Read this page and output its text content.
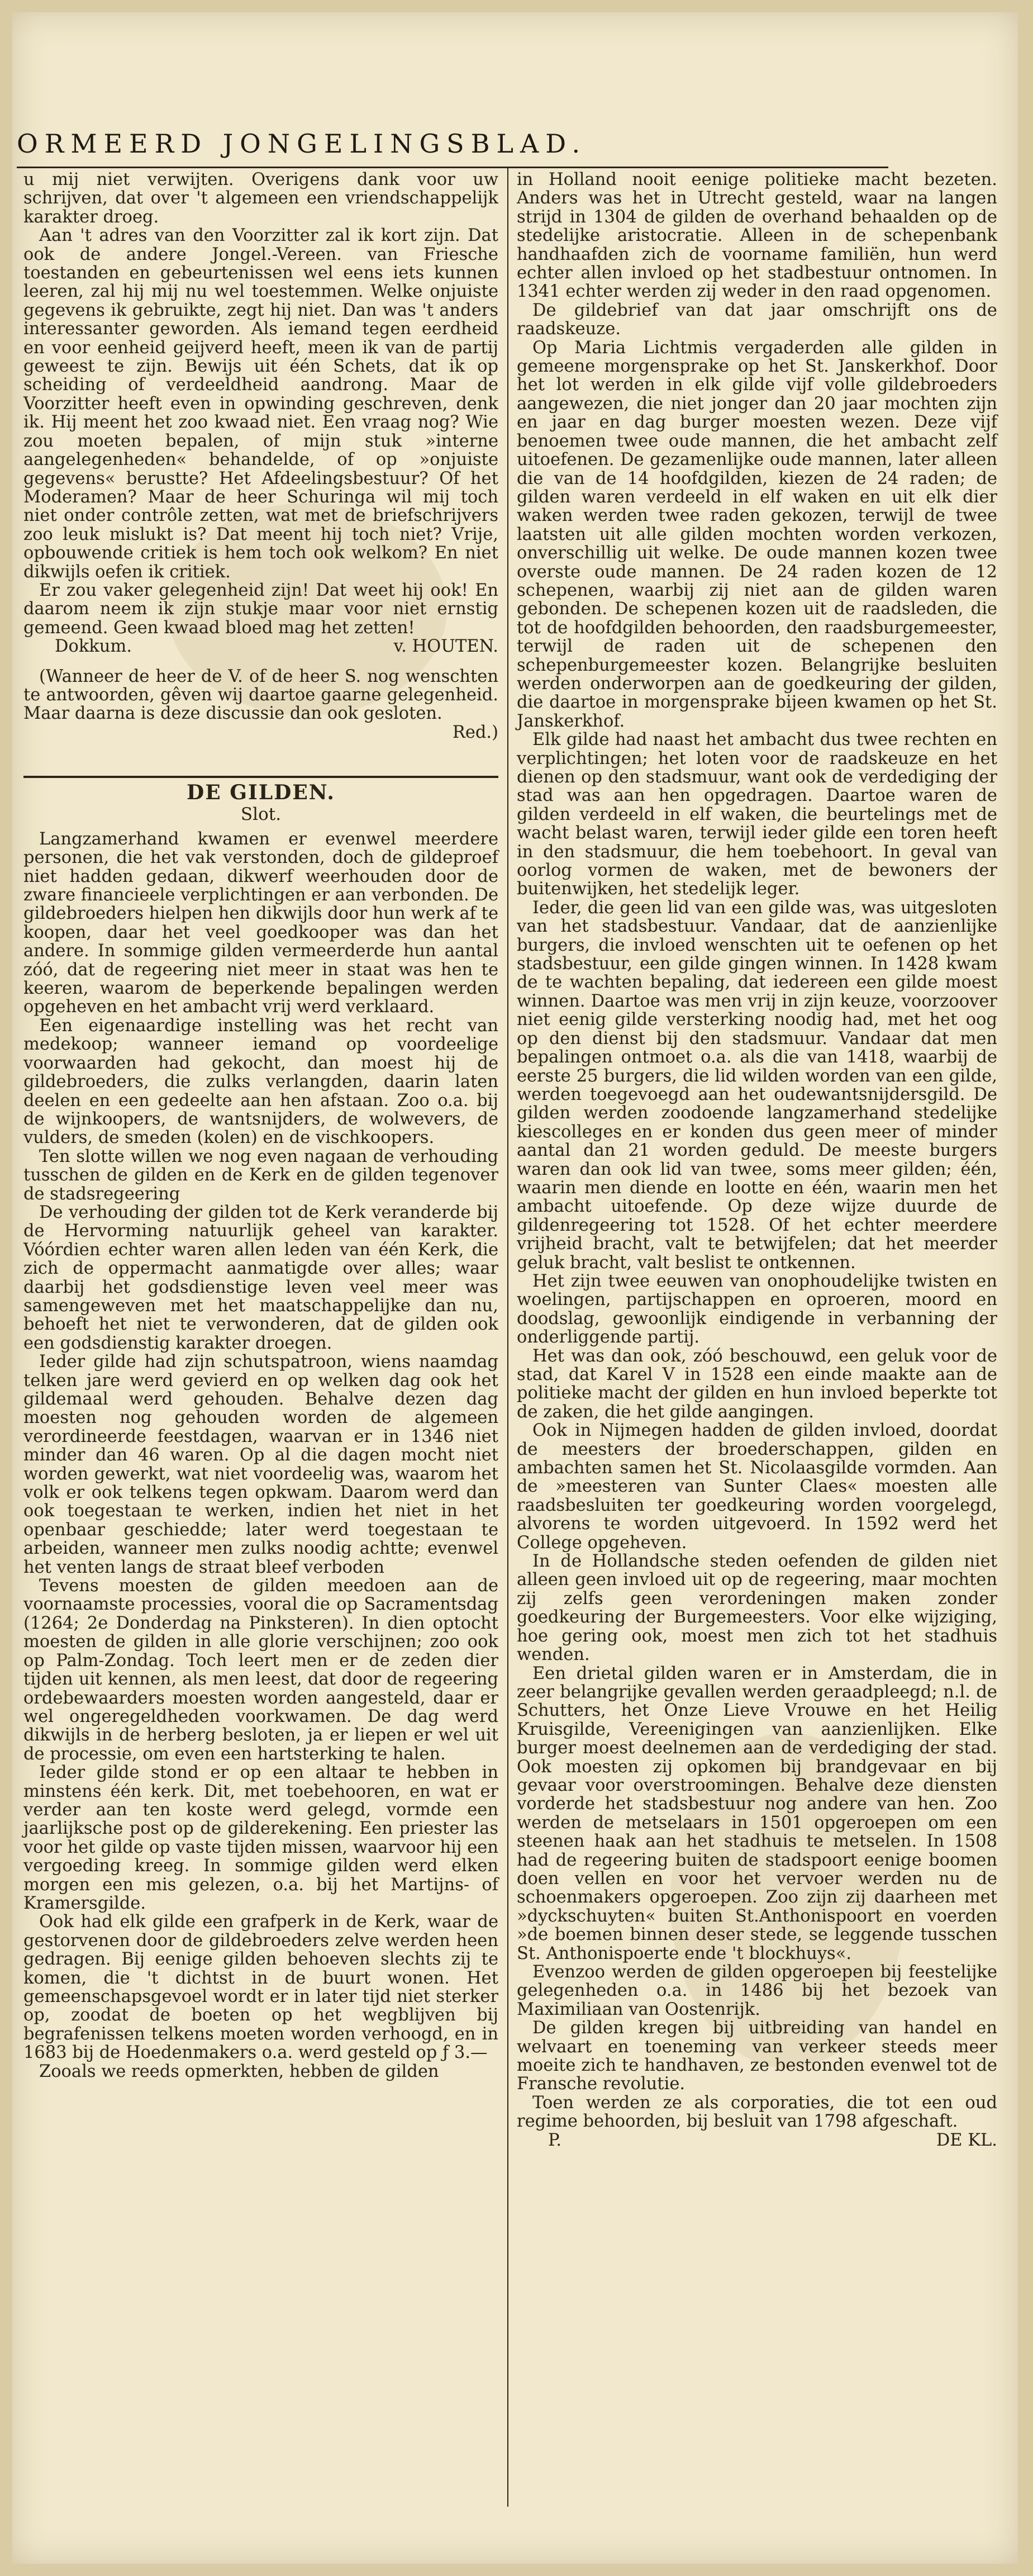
ORMEERD JONGELINGSBLAD.

u mij niet verwijten. Overigens dank voor uw schrijven, dat over 't algemeen een vriendschappelijk karakter droeg.

Aan 't adres van den Voorzitter zal ik kort zijn. Dat ook de andere Jongel.-Vereen. van Friesche toestanden en gebeurtenissen wel eens iets kunnen leeren, zal hij mij nu wel toestemmen. Welke onjuiste gegevens ik gebruikte, zegt hij niet. Dan was 't anders interessanter geworden. Als iemand tegen eerdheid en voor eenheid geijverd heeft, meen ik van de partij geweest te zijn. Bewijs uit één Schets, dat ik op scheiding of verdeeldheid aandrong. Maar de Voorzitter heeft even in opwinding geschreven, denk ik. Hij meent het zoo kwaad niet. Een vraag nog? Wie zou moeten bepalen, of mijn stuk »interne aangelegenheden« behandelde, of op »onjuiste gegevens« berustte? Het Afdeelingsbestuur? Of het Moderamen? Maar de heer Schuringa wil mij toch niet onder contrôle zetten, wat met de briefschrijvers zoo leuk mislukt is? Dat meent hij toch niet? Vrije, opbouwende critiek is hem toch ook welkom? En niet dikwijls oefen ik critiek.

Er zou vaker gelegenheid zijn! Dat weet hij ook! En daarom neem ik zijn stukje maar voor niet ernstig gemeend. Geen kwaad bloed mag het zetten!

Dokkum.	v. HOUTEN.

(Wanneer de heer de V. of de heer S. nog wenschten te antwoorden, gêven wij daartoe gaarne gelegenheid. Maar daarna is deze discussie dan ook gesloten.
Red.)

DE GILDEN.
Slot.

Langzamerhand kwamen er evenwel meerdere personen, die het vak verstonden, doch de gildeproef niet hadden gedaan, dikwerf weerhouden door de zware financieele verplichtingen er aan verbonden. De gildebroeders hielpen hen dikwijls door hun werk af te koopen, daar het veel goedkooper was dan het andere. In sommige gilden vermeerderde hun aantal zóó, dat de regeering niet meer in staat was hen te keeren, waarom de beperkende bepalingen werden opgeheven en het ambacht vrij werd verklaard.

Een eigenaardige instelling was het recht van medekoop; wanneer iemand op voordeelige voorwaarden had gekocht, dan moest hij de gildebroeders, die zulks verlangden, daarin laten deelen en een gedeelte aan hen afstaan. Zoo o.a. bij de wijnkoopers, de wantsnijders, de wolwevers, de vulders, de smeden (kolen) en de vischkoopers.

Ten slotte willen we nog even nagaan de verhouding tusschen de gilden en de Kerk en de gilden tegenover de stadsregeering

De verhouding der gilden tot de Kerk veranderde bij de Hervorming natuurlijk geheel van karakter. Vóórdien echter waren allen leden van één Kerk, die zich de oppermacht aanmatigde over alles; waar daarbij het godsdienstige leven veel meer was samengeweven met het maatschappelijke dan nu, behoeft het niet te verwonderen, dat de gilden ook een godsdienstig karakter droegen.

Ieder gilde had zijn schutspatroon, wiens naamdag telken jare werd gevierd en op welken dag ook het gildemaal werd gehouden. Behalve dezen dag moesten nog gehouden worden de algemeen verordineerde feestdagen, waarvan er in 1346 niet minder dan 46 waren. Op al die dagen mocht niet worden gewerkt, wat niet voordeelig was, waarom het volk er ook telkens tegen opkwam. Daarom werd dan ook toegestaan te werken, indien het niet in het openbaar geschiedde; later werd toegestaan te arbeiden, wanneer men zulks noodig achtte; evenwel het venten langs de straat bleef verboden

Tevens moesten de gilden meedoen aan de voornaamste processies, vooral die op Sacramentsdag (1264; 2e Donderdag na Pinksteren). In dien optocht moesten de gilden in alle glorie verschijnen; zoo ook op Palm-Zondag. Toch leert men er de zeden dier tijden uit kennen, als men leest, dat door de regeering ordebewaarders moesten worden aangesteld, daar er wel ongeregeldheden voorkwamen. De dag werd dikwijls in de herberg besloten, ja er liepen er wel uit de processie, om even een hartsterking te halen.

Ieder gilde stond er op een altaar te hebben in minstens één kerk. Dit, met toebehooren, en wat er verder aan ten koste werd gelegd, vormde een jaarlijksche post op de gilderekening. Een priester las voor het gilde op vaste tijden missen, waarvoor hij een vergoeding kreeg. In sommige gilden werd elken morgen een mis gelezen, o.a. bij het Martijns- of Kramersgilde.

Ook had elk gilde een grafperk in de Kerk, waar de gestorvenen door de gildebroeders zelve werden heen gedragen. Bij eenige gilden behoeven slechts zij te komen, die 't dichtst in de buurt wonen. Het gemeenschapsgevoel wordt er in later tijd niet sterker op, zoodat de boeten op het wegblijven bij begrafenissen telkens moeten worden verhoogd, en in 1683 bij de Hoedenmakers o.a. werd gesteld op ƒ 3.—

Zooals we reeds opmerkten, hebben de gilden

in Holland nooit eenige politieke macht bezeten. Anders was het in Utrecht gesteld, waar na langen strijd in 1304 de gilden de overhand behaalden op de stedelijke aristocratie. Alleen in de schepenbank handhaafden zich de voorname familiën, hun werd echter allen invloed op het stadbestuur ontnomen. In 1341 echter werden zij weder in den raad opgenomen.

De gildebrief van dat jaar omschrijft ons de raadskeuze.

Op Maria Lichtmis vergaderden alle gilden in gemeene morgensprake op het St. Janskerkhof. Door het lot werden in elk gilde vijf volle gildebroeders aangewezen, die niet jonger dan 20 jaar mochten zijn en jaar en dag burger moesten wezen. Deze vijf benoemen twee oude mannen, die het ambacht zelf uitoefenen. De gezamenlijke oude mannen, later alleen die van de 14 hoofdgilden, kiezen de 24 raden; de gilden waren verdeeld in elf waken en uit elk dier waken werden twee raden gekozen, terwijl de twee laatsten uit alle gilden mochten worden verkozen, onverschillig uit welke. De oude mannen kozen twee overste oude mannen. De 24 raden kozen de 12 schepenen, waarbij zij niet aan de gilden waren gebonden. De schepenen kozen uit de raadsleden, die tot de hoofdgilden behoorden, den raadsburgemeester, terwijl de raden uit de schepenen den schepenburgemeester kozen. Belangrijke besluiten werden onderworpen aan de goedkeuring der gilden, die daartoe in morgensprake bijeen kwamen op het St. Janskerkhof.

Elk gilde had naast het ambacht dus twee rechten en verplichtingen; het loten voor de raadskeuze en het dienen op den stadsmuur, want ook de verdediging der stad was aan hen opgedragen. Daartoe waren de gilden verdeeld in elf waken, die beurtelings met de wacht belast waren, terwijl ieder gilde een toren heeft in den stadsmuur, die hem toebehoort. In geval van oorlog vormen de waken, met de bewoners der buitenwijken, het stedelijk leger.

Ieder, die geen lid van een gilde was, was uitgesloten van het stadsbestuur. Vandaar, dat de aanzienlijke burgers, die invloed wenschten uit te oefenen op het stadsbestuur, een gilde gingen winnen. In 1428 kwam de te wachten bepaling, dat iedereen een gilde moest winnen. Daartoe was men vrij in zijn keuze, voorzoover niet eenig gilde versterking noodig had, met het oog op den dienst bij den stadsmuur. Vandaar dat men bepalingen ontmoet o.a. als die van 1418, waarbij de eerste 25 burgers, die lid wilden worden van een gilde, werden toegevoegd aan het oudewantsnijdersgild. De gilden werden zoodoende langzamerhand stedelijke kiescolleges en er konden dus geen meer of minder aantal dan 21 worden geduld. De meeste burgers waren dan ook lid van twee, soms meer gilden; één, waarin men diende en lootte en één, waarin men het ambacht uitoefende. Op deze wijze duurde de gildenregeering tot 1528. Of het echter meerdere vrijheid bracht, valt te betwijfelen; dat het meerder geluk bracht, valt beslist te ontkennen.

Het zijn twee eeuwen van onophoudelijke twisten en woelingen, partijschappen en oproeren, moord en doodslag, gewoonlijk eindigende in verbanning der onderliggende partij.

Het was dan ook, zóó beschouwd, een geluk voor de stad, dat Karel V in 1528 een einde maakte aan de politieke macht der gilden en hun invloed beperkte tot de zaken, die het gilde aangingen.

Ook in Nijmegen hadden de gilden invloed, doordat de meesters der broederschappen, gilden en ambachten samen het St. Nicolaasgilde vormden. Aan de »meesteren van Sunter Claes« moesten alle raadsbesluiten ter goedkeuring worden voorgelegd, alvorens te worden uitgevoerd. In 1592 werd het College opgeheven.

In de Hollandsche steden oefenden de gilden niet alleen geen invloed uit op de regeering, maar mochten zij zelfs geen verordeningen maken zonder goedkeuring der Burgemeesters. Voor elke wijziging, hoe gering ook, moest men zich tot het stadhuis wenden.

Een drietal gilden waren er in Amsterdam, die in zeer belangrijke gevallen werden geraadpleegd; n.l. de Schutters, het Onze Lieve Vrouwe en het Heilig Kruisgilde, Vereenigingen van aanzienlijken. Elke burger moest deelnemen aan de verdediging der stad. Ook moesten zij opkomen bij brandgevaar en bij gevaar voor overstroomingen. Behalve deze diensten vorderde het stadsbestuur nog andere van hen. Zoo werden de metselaars in 1501 opgeroepen om een steenen haak aan het stadhuis te metselen. In 1508 had de regeering buiten de stadspoort eenige boomen doen vellen en voor het vervoer werden nu de schoenmakers opgeroepen. Zoo zijn zij daarheen met »dyckschuyten« buiten St.Anthonispoort en voerden »de boemen binnen deser stede, se leggende tusschen St. Anthonispoerte ende 't blockhuys«.

Evenzoo werden de gilden opgeroepen bij feestelijke gelegenheden o.a. in 1486 bij het bezoek van Maximiliaan van Oostenrijk.

De gilden kregen bij uitbreiding van handel en welvaart en toeneming van verkeer steeds meer moeite zich te handhaven, ze bestonden evenwel tot de Fransche revolutie.

Toen werden ze als corporaties, die tot een oud regime behoorden, bij besluit van 1798 afgeschaft.

P.	DE KL.
